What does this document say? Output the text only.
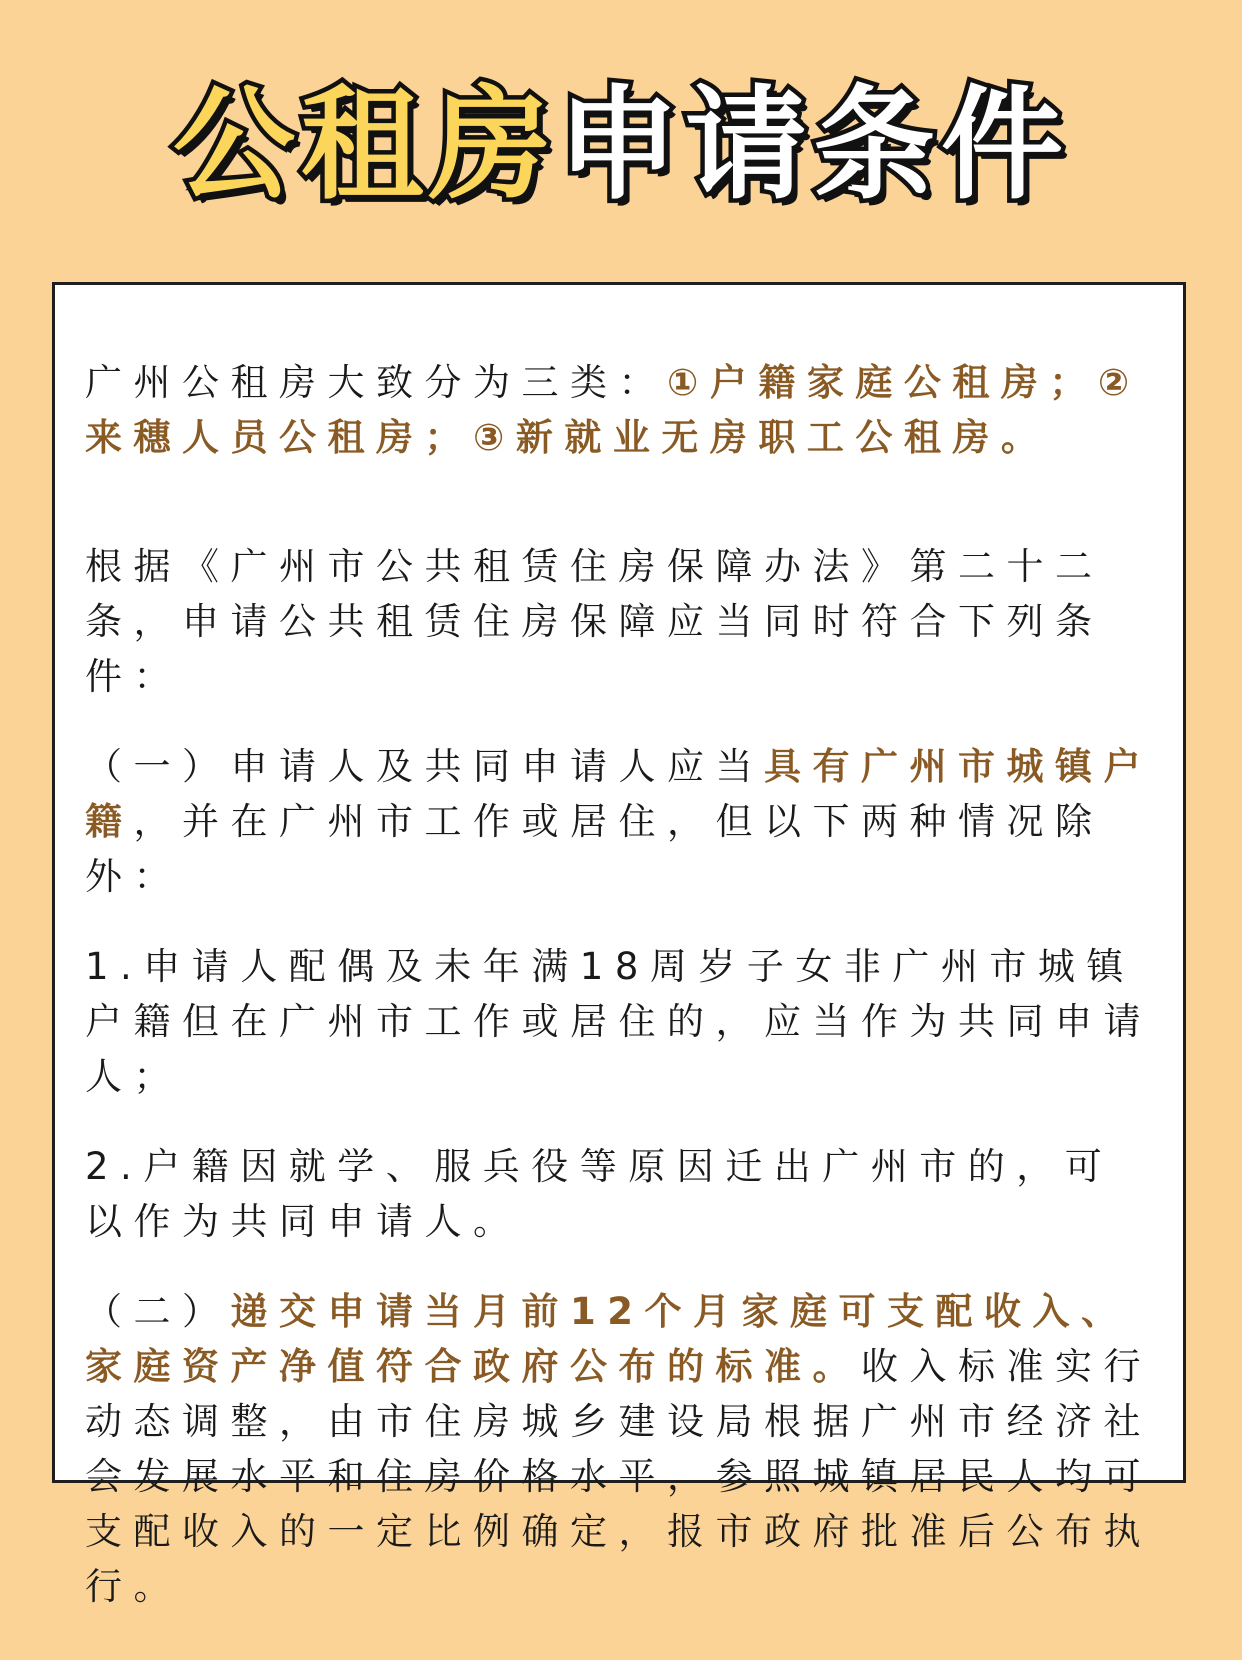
公租房申请条件

广州公租房大致分为三类：①户籍家庭公租房；②来穗人员公租房；③新就业无房职工公租房。

根据《广州市公共租赁住房保障办法》第二十二条，申请公共租赁住房保障应当同时符合下列条件：

（一）申请人及共同申请人应当具有广州市城镇户籍，并在广州市工作或居住，但以下两种情况除外：

1.申请人配偶及未年满18周岁子女非广州市城镇户籍但在广州市工作或居住的，应当作为共同申请人；

2.户籍因就学、服兵役等原因迁出广州市的，可以作为共同申请人。

（二）递交申请当月前12个月家庭可支配收入、家庭资产净值符合政府公布的标准。收入标准实行动态调整，由市住房城乡建设局根据广州市经济社会发展水平和住房价格水平，参照城镇居民人均可支配收入的一定比例确定，报市政府批准后公布执行。
